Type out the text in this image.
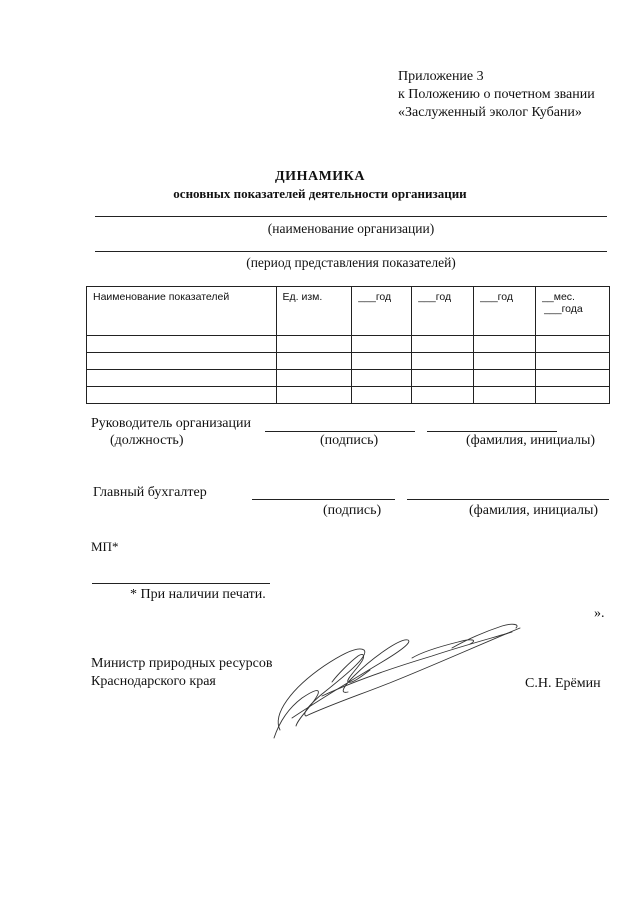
Приложение 3
к Положению о почетном звании
«Заслуженный эколог Кубани»
ДИНАМИКА
основных показателей деятельности организации
(наименование организации)
(период представления показателей)
Наименование показателей	Ед. изм.	___год	___год	___год	__мес.
___года

Руководитель организации
(должность)	(подпись)	(фамилия, инициалы)
Главный бухгалтер
(подпись)	(фамилия, инициалы)
МП*
* При наличии печати.
».
Министр природных ресурсов
Краснодарского края	С.Н. Ерёмин
